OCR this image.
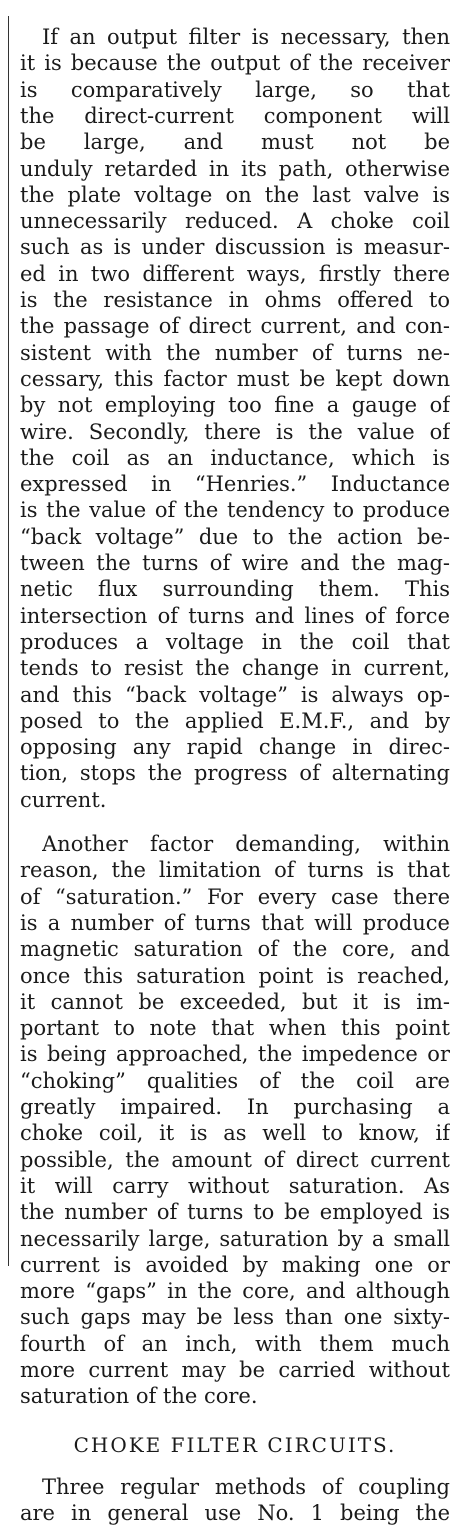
If an output filter is necessary, then
it is because the output of the receiver
is comparatively large, so that
the direct-current component will
be large, and must not be
unduly retarded in its path, otherwise
the plate voltage on the last valve is
unnecessarily reduced. A choke coil
such as is under discussion is measur-
ed in two different ways, firstly there
is the resistance in ohms offered to
the passage of direct current, and con-
sistent with the number of turns ne-
cessary, this factor must be kept down
by not employing too fine a gauge of
wire. Secondly, there is the value of
the coil as an inductance, which is
expressed in “Henries.” Inductance
is the value of the tendency to produce
“back voltage” due to the action be-
tween the turns of wire and the mag-
netic flux surrounding them. This
intersection of turns and lines of force
produces a voltage in the coil that
tends to resist the change in current,
and this “back voltage” is always op-
posed to the applied E.M.F., and by
opposing any rapid change in direc-
tion, stops the progress of alternating
current.
Another factor demanding, within
reason, the limitation of turns is that
of “saturation.” For every case there
is a number of turns that will produce
magnetic saturation of the core, and
once this saturation point is reached,
it cannot be exceeded, but it is im-
portant to note that when this point
is being approached, the impedence or
“choking” qualities of the coil are
greatly impaired. In purchasing a
choke coil, it is as well to know, if
possible, the amount of direct current
it will carry without saturation. As
the number of turns to be employed is
necessarily large, saturation by a small
current is avoided by making one or
more “gaps” in the core, and although
such gaps may be less than one sixty-
fourth of an inch, with them much
more current may be carried without
saturation of the core.
CHOKE FILTER CIRCUITS.
Three regular methods of coupling
are in general use No. 1 being the
